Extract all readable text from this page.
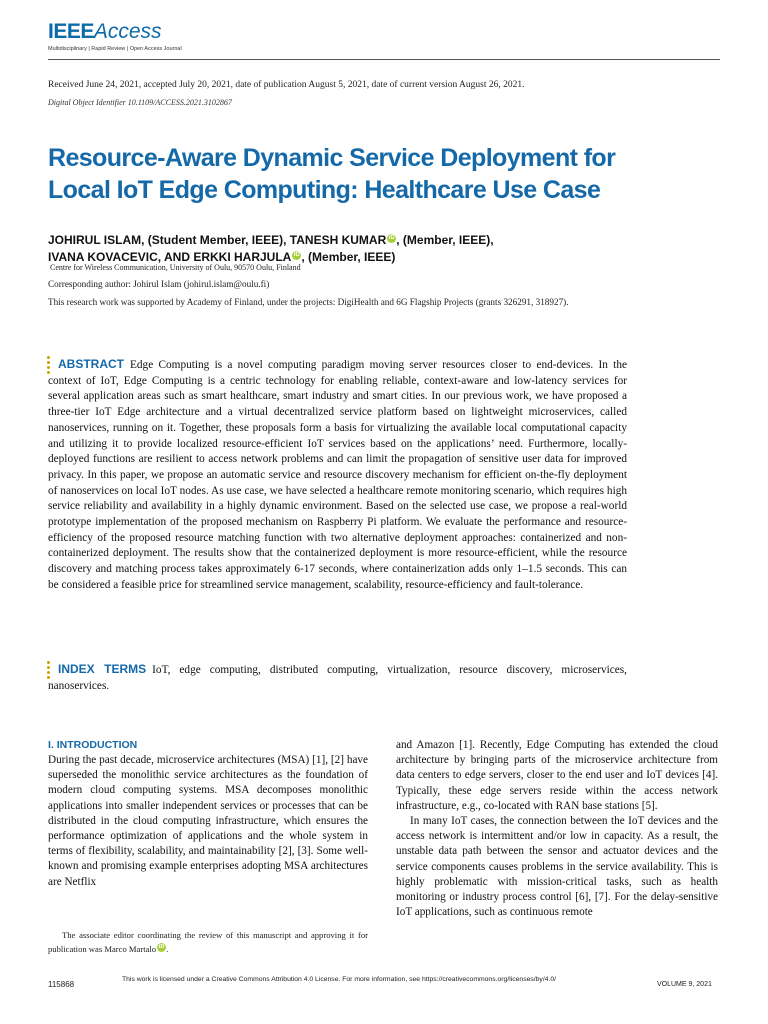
IEEEAccess
Multidisciplinary | Rapid Review | Open Access Journal
Received June 24, 2021, accepted July 20, 2021, date of publication August 5, 2021, date of current version August 26, 2021.
Digital Object Identifier 10.1109/ACCESS.2021.3102867
Resource-Aware Dynamic Service Deployment for
Local IoT Edge Computing: Healthcare Use Case
JOHIRUL ISLAM, (Student Member, IEEE), TANESH KUMAR iD , (Member, IEEE),
IVANA KOVACEVIC, AND ERKKI HARJULA iD , (Member, IEEE)
Centre for Wireless Communication, University of Oulu, 90570 Oulu, Finland
Corresponding author: Johirul Islam (johirul.islam@oulu.fi)
This research work was supported by Academy of Finland, under the projects: DigiHealth and 6G Flagship Projects (grants 326291, 318927).
ABSTRACT Edge Computing is a novel computing paradigm moving server resources closer to end-devices. In the context of IoT, Edge Computing is a centric technology for enabling reliable, context-aware and low-latency services for several application areas such as smart healthcare, smart industry and smart cities. In our previous work, we have proposed a three-tier IoT Edge architecture and a virtual decentralized service platform based on lightweight microservices, called nanoservices, running on it. Together, these proposals form a basis for virtualizing the available local computational capacity and utilizing it to provide localized resource-efficient IoT services based on the applications’ need. Furthermore, locally-deployed functions are resilient to access network problems and can limit the propagation of sensitive user data for improved privacy. In this paper, we propose an automatic service and resource discovery mechanism for efficient on-the-fly deployment of nanoservices on local IoT nodes. As use case, we have selected a healthcare remote monitoring scenario, which requires high service reliability and availability in a highly dynamic environment. Based on the selected use case, we propose a real-world prototype implementation of the proposed mechanism on Raspberry Pi platform. We evaluate the performance and resource-efficiency of the proposed resource matching function with two alternative deployment approaches: containerized and non-containerized deployment. The results show that the containerized deployment is more resource-efficient, while the resource discovery and matching process takes approximately 6-17 seconds, where containerization adds only 1–1.5 seconds. This can be considered a feasible price for streamlined service management, scalability, resource-efficiency and fault-tolerance.
INDEX TERMS IoT, edge computing, distributed computing, virtualization, resource discovery, microservices, nanoservices.
I. INTRODUCTION

During the past decade, microservice architectures (MSA) [1], [2] have superseded the monolithic service architectures as the foundation of modern cloud computing systems. MSA decomposes monolithic applications into smaller independent services or processes that can be distributed in the cloud computing infrastructure, which ensures the performance optimization of applications and the whole system in terms of flexibility, scalability, and maintainability [2], [3]. Some well-known and promising example enterprises adopting MSA architectures are Netflix

and Amazon [1]. Recently, Edge Computing has extended the cloud architecture by bringing parts of the microservice architecture from data centers to edge servers, closer to the end user and IoT devices [4]. Typically, these edge servers reside within the access network infrastructure, e.g., co-located with RAN base stations [5].

In many IoT cases, the connection between the IoT devices and the access network is intermittent and/or low in capacity. As a result, the unstable data path between the sensor and actuator devices and the service components causes problems in the service availability. This is highly problematic with mission-critical tasks, such as health monitoring or industry process control [6], [7]. For the delay-sensitive IoT applications, such as continuous remote

The associate editor coordinating the review of this manuscript and approving it for publication was Marco Martalo iD .
115868
This work is licensed under a Creative Commons Attribution 4.0 License. For more information, see https://creativecommons.org/licenses/by/4.0/
VOLUME 9, 2021
